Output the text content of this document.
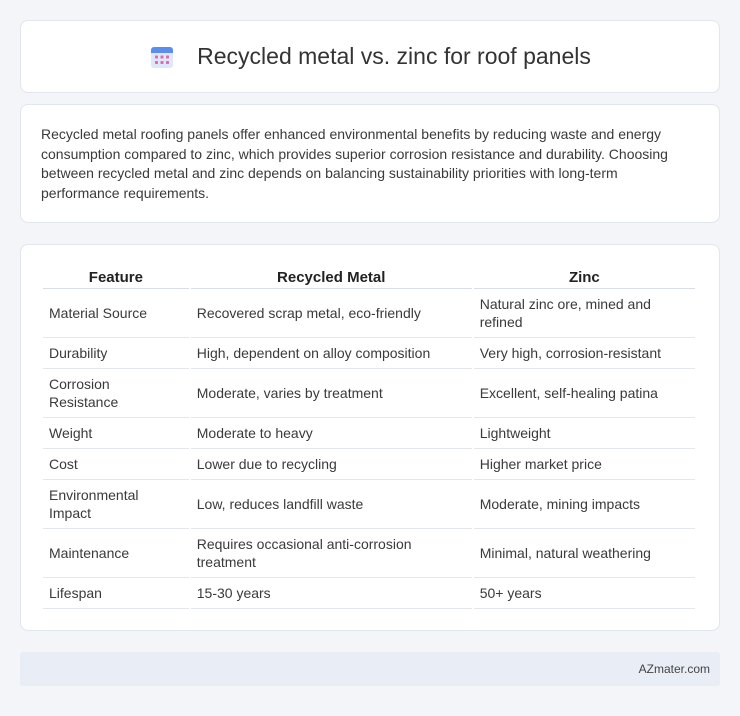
Recycled metal vs. zinc for roof panels

Recycled metal roofing panels offer enhanced environmental benefits by reducing waste and energy consumption compared to zinc, which provides superior corrosion resistance and durability. Choosing between recycled metal and zinc depends on balancing sustainability priorities with long-term performance requirements.

Feature	Recycled Metal	Zinc
Material Source	Recovered scrap metal, eco-friendly	Natural zinc ore, mined and refined
Durability	High, dependent on alloy composition	Very high, corrosion-resistant
Corrosion Resistance	Moderate, varies by treatment	Excellent, self-healing patina
Weight	Moderate to heavy	Lightweight
Cost	Lower due to recycling	Higher market price
Environmental Impact	Low, reduces landfill waste	Moderate, mining impacts
Maintenance	Requires occasional anti-corrosion treatment	Minimal, natural weathering
Lifespan	15-30 years	50+ years
AZmater.com
